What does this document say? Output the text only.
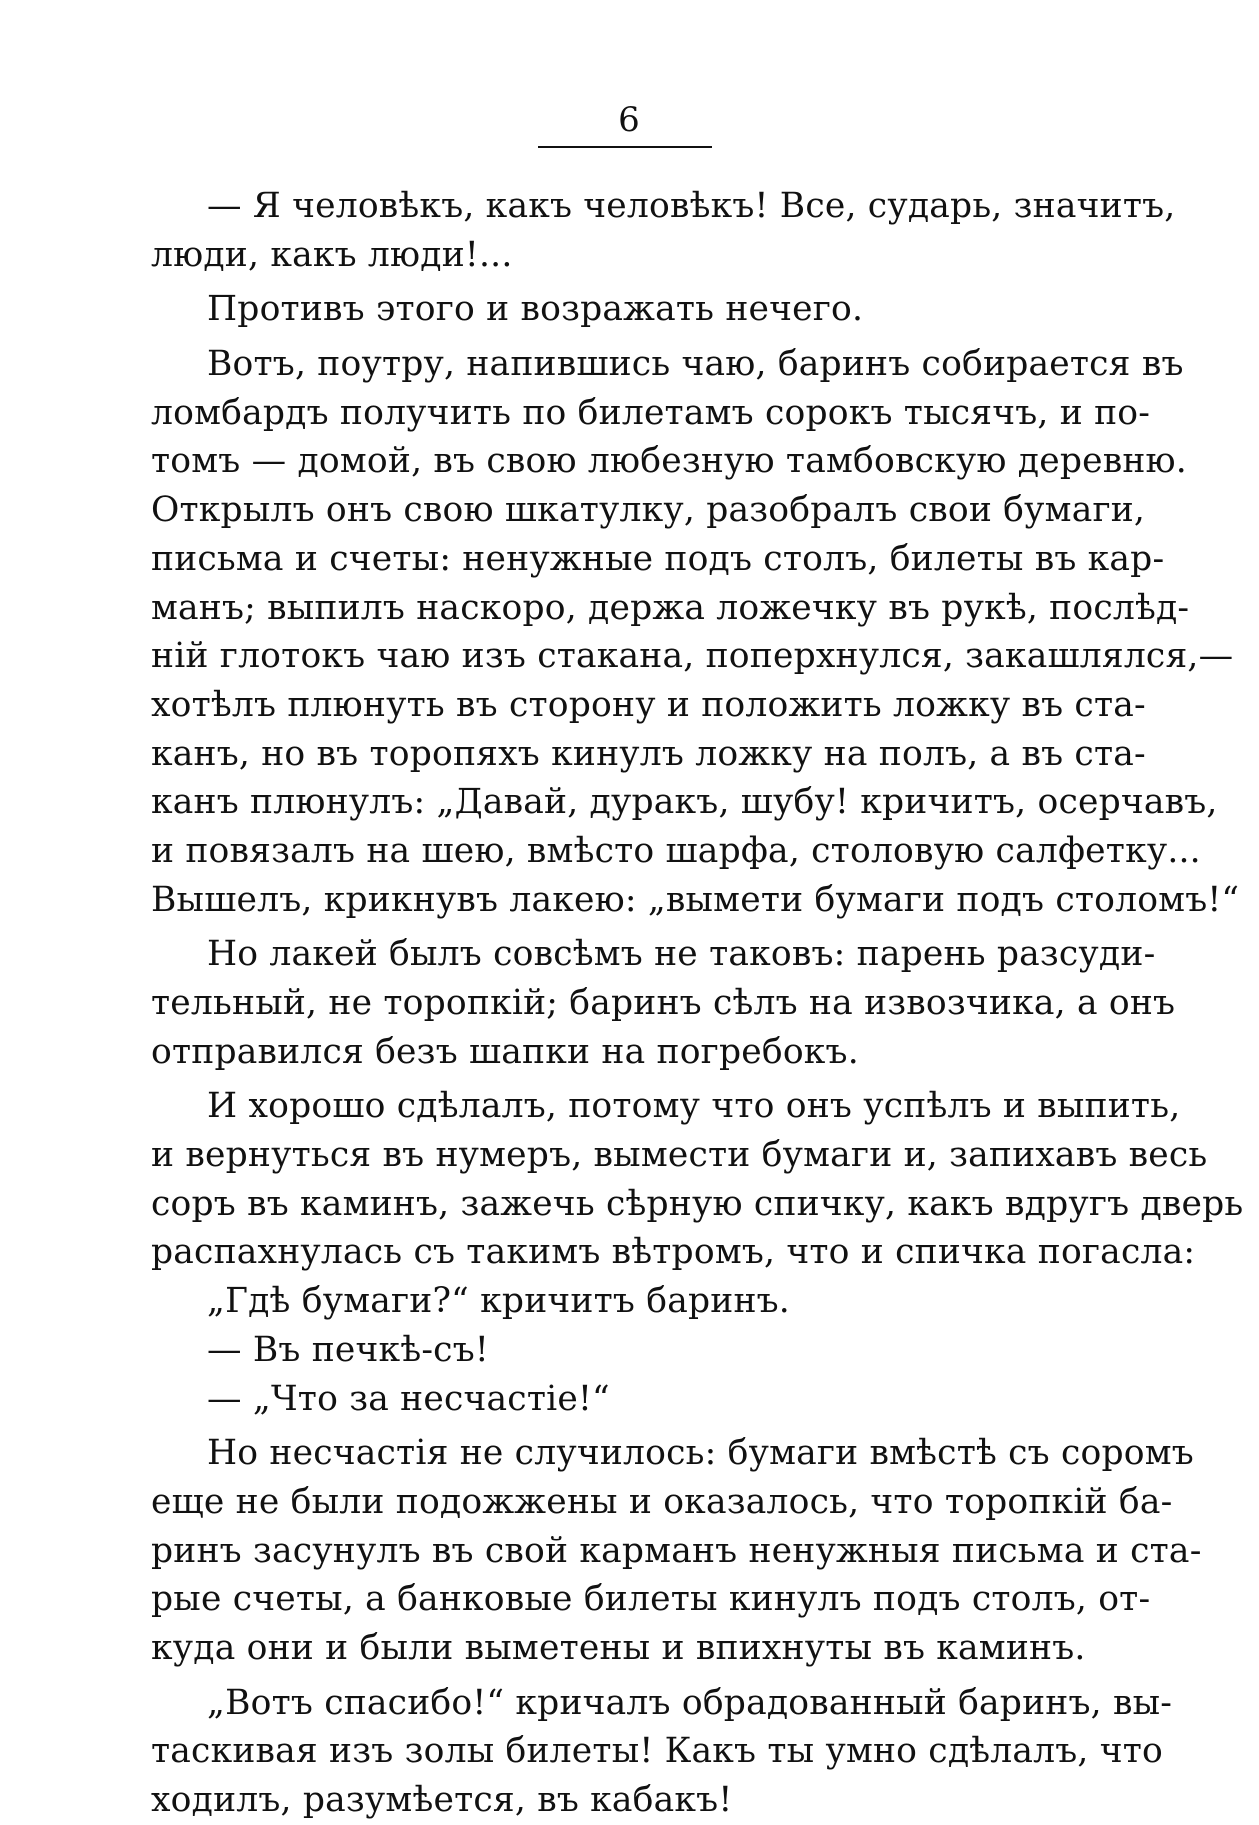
6
— Я человѣкъ, какъ человѣкъ! Все, сударь, значитъ,
люди, какъ люди!...
Противъ этого и возражать нечего.
Вотъ, поутру, напившись чаю, баринъ собирается въ
ломбардъ получить по билетамъ сорокъ тысячъ, и по-
томъ — домой, въ свою любезную тамбовскую деревню.
Открылъ онъ свою шкатулку, разобралъ свои бумаги,
письма и счеты: ненужные подъ столъ, билеты въ кар-
манъ; выпилъ наскоро, держа ложечку въ рукѣ, послѣд-
ній глотокъ чаю изъ стакана, поперхнулся, закашлялся,—
хотѣлъ плюнуть въ сторону и положить ложку въ ста-
канъ, но въ торопяхъ кинулъ ложку на полъ, а въ ста-
канъ плюнулъ: „Давай, дуракъ, шубу! кричитъ, осерчавъ,
и повязалъ на шею, вмѣсто шарфа, столовую салфетку...
Вышелъ, крикнувъ лакею: „вымети бумаги подъ столомъ!“
Но лакей былъ совсѣмъ не таковъ: парень разсуди-
тельный, не торопкій; баринъ сѣлъ на извозчика, а онъ
отправился безъ шапки на погребокъ.
И хорошо сдѣлалъ, потому что онъ успѣлъ и выпить,
и вернуться въ нумеръ, вымести бумаги и, запихавъ весь
соръ въ каминъ, зажечь сѣрную спичку, какъ вдругъ дверь
распахнулась съ такимъ вѣтромъ, что и спичка погасла:
„Гдѣ бумаги?“ кричитъ баринъ.
— Въ печкѣ-съ!
— „Что за несчастіе!“
Но несчастія не случилось: бумаги вмѣстѣ съ соромъ
еще не были подожжены и оказалось, что торопкій ба-
ринъ засунулъ въ свой карманъ ненужныя письма и ста-
рые счеты, а банковые билеты кинулъ подъ столъ, от-
куда они и были выметены и впихнуты въ каминъ.
„Вотъ спасибо!“ кричалъ обрадованный баринъ, вы-
таскивая изъ золы билеты! Какъ ты умно сдѣлалъ, что
ходилъ, разумѣется, въ кабакъ!
